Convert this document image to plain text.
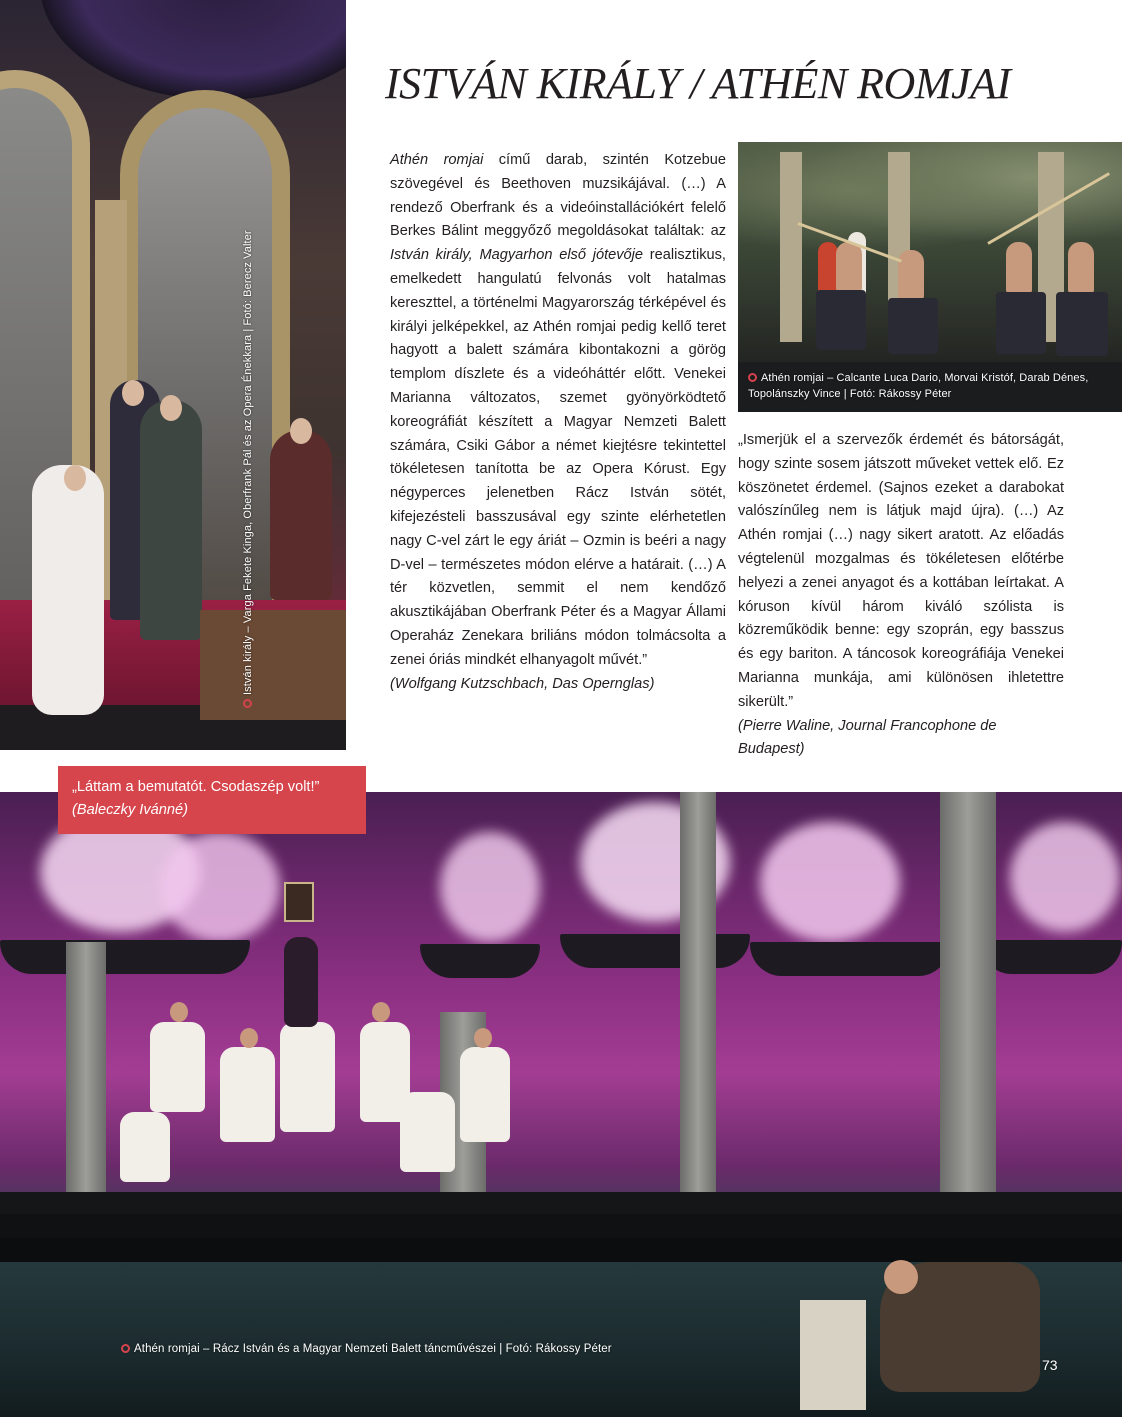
István király – Varga Fekete Kinga, Oberfrank Pál és az Opera Énekkara | Fotó: Berecz Valter
ISTVÁN KIRÁLY / ATHÉN ROMJAI
Athén romjai című darab, szintén Kotzebue szövegével és Beethoven muzsikájával. (…) A rendező Oberfrank és a videóinstallációkért felelő Berkes Bálint meggyőző megoldásokat találtak: az István király, Magyarhon első jótevője realisztikus, emelkedett hangulatú felvonás volt hatalmas kereszttel, a történelmi Magyarország térképével és királyi jelképekkel, az Athén romjai pedig kellő teret hagyott a balett számára kibontakozni a görög templom díszlete és a videóháttér előtt. Venekei Marianna változatos, szemet gyönyörködtető koreográfiát készített a Magyar Nemzeti Balett számára, Csiki Gábor a német kiejtésre tekintettel tökéletesen tanította be az Opera Kórust. Egy négyperces jelenetben Rácz István sötét, kifejezésteli basszusával egy szinte elérhetetlen nagy C-vel zárt le egy áriát – Ozmin is beéri a nagy D-vel – természetes módon elérve a határait. (…) A tér közvetlen, semmit el nem kendőző akusztikájában Oberfrank Péter és a Magyar Állami Operaház Zenekara briliáns módon tolmácsolta a zenei óriás mindkét elhanyagolt művét.”
(Wolfgang Kutzschbach, Das Opernglas)
Athén romjai – Calcante Luca Dario, Morvai Kristóf, Darab Dénes, Topolánszky Vince | Fotó: Rákossy Péter
„Ismerjük el a szervezők érdemét és bátorságát, hogy szinte sosem játszott műveket vettek elő. Ez köszönetet érdemel. (Sajnos ezeket a darabokat valószínűleg nem is látjuk majd újra). (…) Az Athén romjai (…) nagy sikert aratott. Az előadás végtelenül mozgalmas és tökéletesen előtérbe helyezi a zenei anyagot és a kottában leírtakat. A kóruson kívül három kiváló szólista is közreműködik benne: egy szoprán, egy basszus és egy bariton. A táncosok koreográfiája Venekei Marianna munkája, ami különösen ihletettre sikerült.”
(Pierre Waline, Journal Francophone de Budapest)
Athén romjai – Rácz István és a Magyar Nemzeti Balett táncművészei | Fotó: Rákossy Péter
73
„Láttam a bemutatót. Csodaszép volt!”
(Baleczky Ivánné)
